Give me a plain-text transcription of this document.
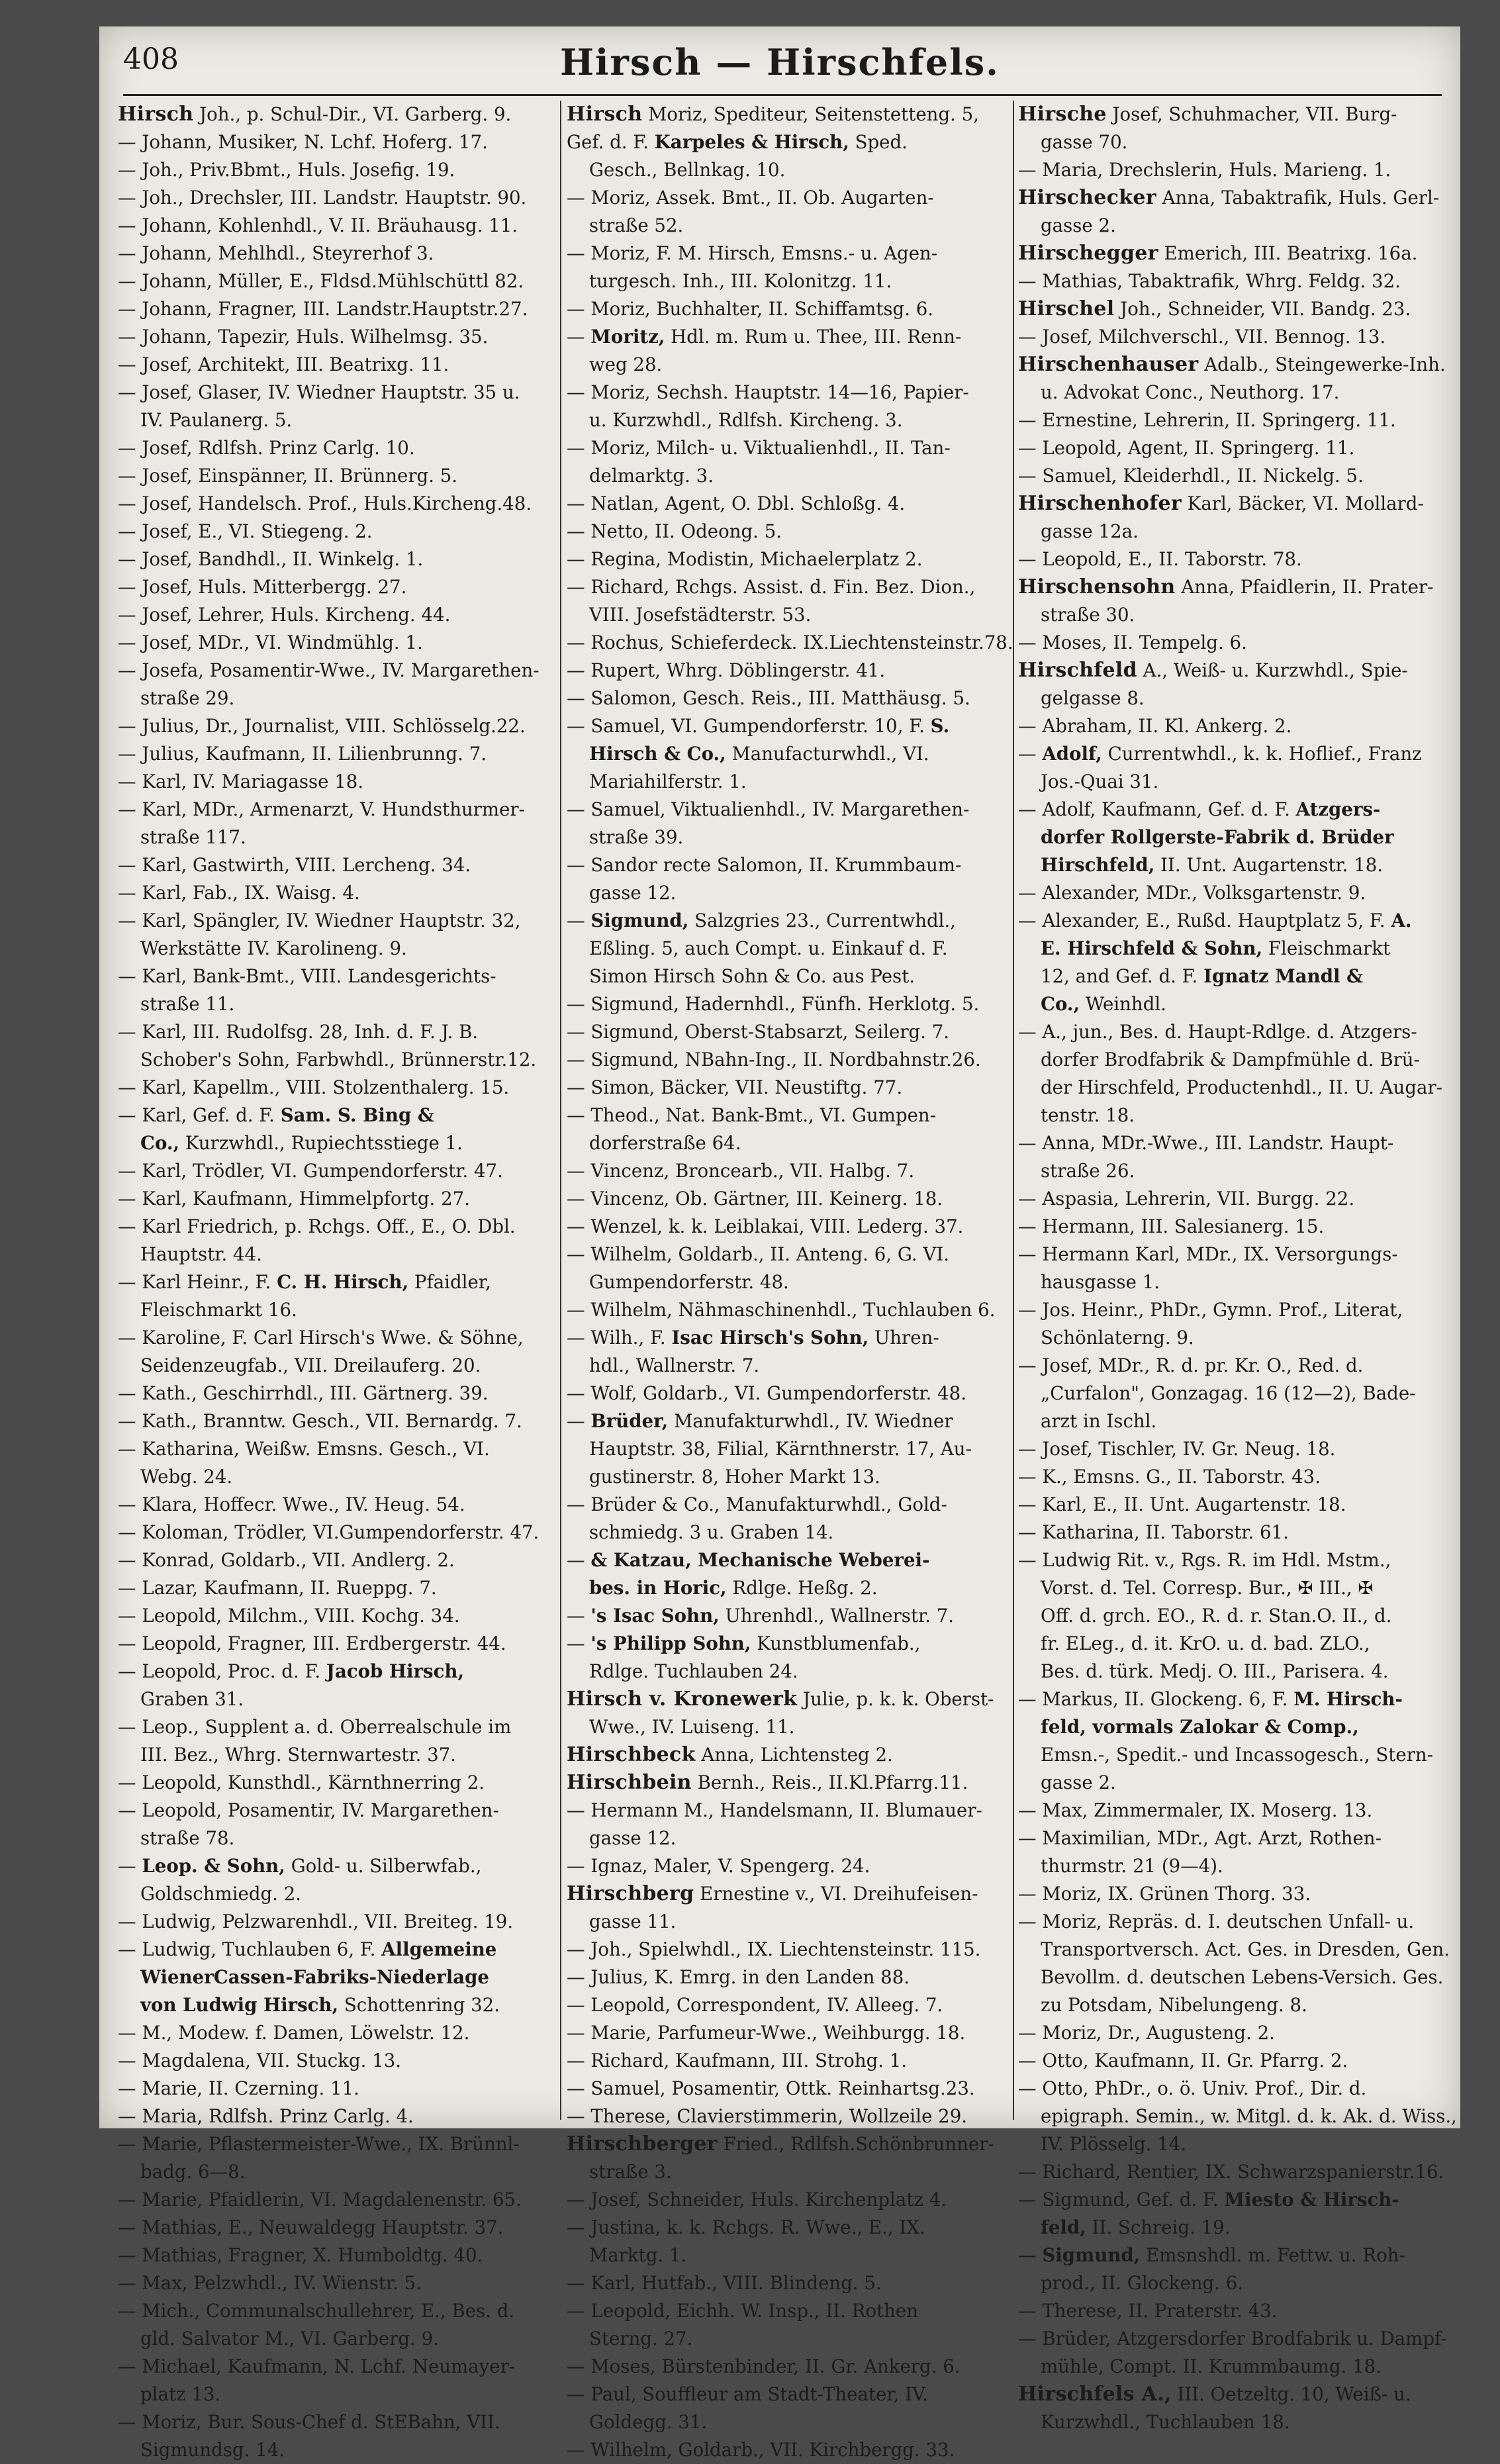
408	Hirsch — Hirschfels.
Hirsch Joh., p. Schul-Dir., VI. Garberg. 9.
— Johann, Musiker, N. Lchf. Hoferg. 17.
— Joh., Priv.Bbmt., Huls. Josefig. 19.
— Joh., Drechsler, III. Landstr. Hauptstr. 90.
— Johann, Kohlenhdl., V. II. Bräuhausg. 11.
— Johann, Mehlhdl., Steyrerhof 3.
— Johann, Müller, E., Fldsd.Mühlschüttl 82.
— Johann, Fragner, III. Landstr.Hauptstr.27.
— Johann, Tapezir, Huls. Wilhelmsg. 35.
— Josef, Architekt, III. Beatrixg. 11.
— Josef, Glaser, IV. Wiedner Hauptstr. 35 u.
IV. Paulanerg. 5.
— Josef, Rdlfsh. Prinz Carlg. 10.
— Josef, Einspänner, II. Brünnerg. 5.
— Josef, Handelsch. Prof., Huls.Kircheng.48.
— Josef, E., VI. Stiegeng. 2.
— Josef, Bandhdl., II. Winkelg. 1.
— Josef, Huls. Mitterbergg. 27.
— Josef, Lehrer, Huls. Kircheng. 44.
— Josef, MDr., VI. Windmühlg. 1.
— Josefa, Posamentir-Wwe., IV. Margarethen-
straße 29.
— Julius, Dr., Journalist, VIII. Schlösselg.22.
— Julius, Kaufmann, II. Lilienbrunng. 7.
— Karl, IV. Mariagasse 18.
— Karl, MDr., Armenarzt, V. Hundsthurmer-
straße 117.
— Karl, Gastwirth, VIII. Lercheng. 34.
— Karl, Fab., IX. Waisg. 4.
— Karl, Spängler, IV. Wiedner Hauptstr. 32,
Werkstätte IV. Karolineng. 9.
— Karl, Bank-Bmt., VIII. Landesgerichts-
straße 11.
— Karl, III. Rudolfsg. 28, Inh. d. F. J. B.
Schober's Sohn, Farbwhdl., Brünnerstr.12.
— Karl, Kapellm., VIII. Stolzenthalerg. 15.
— Karl, Gef. d. F. Sam. S. Bing &
Co., Kurzwhdl., Rupiechtsstiege 1.
— Karl, Trödler, VI. Gumpendorferstr. 47.
— Karl, Kaufmann, Himmelpfortg. 27.
— Karl Friedrich, p. Rchgs. Off., E., O. Dbl.
Hauptstr. 44.
— Karl Heinr., F. C. H. Hirsch, Pfaidler,
Fleischmarkt 16.
— Karoline, F. Carl Hirsch's Wwe. & Söhne,
Seidenzeugfab., VII. Dreilauferg. 20.
— Kath., Geschirrhdl., III. Gärtnerg. 39.
— Kath., Branntw. Gesch., VII. Bernardg. 7.
— Katharina, Weißw. Emsns. Gesch., VI.
Webg. 24.
— Klara, Hoffecr. Wwe., IV. Heug. 54.
— Koloman, Trödler, VI.Gumpendorferstr. 47.
— Konrad, Goldarb., VII. Andlerg. 2.
— Lazar, Kaufmann, II. Rueppg. 7.
— Leopold, Milchm., VIII. Kochg. 34.
— Leopold, Fragner, III. Erdbergerstr. 44.
— Leopold, Proc. d. F. Jacob Hirsch,
Graben 31.
— Leop., Supplent a. d. Oberrealschule im
III. Bez., Whrg. Sternwartestr. 37.
— Leopold, Kunsthdl., Kärnthnerring 2.
— Leopold, Posamentir, IV. Margarethen-
straße 78.
— Leop. & Sohn, Gold- u. Silberwfab.,
Goldschmiedg. 2.
— Ludwig, Pelzwarenhdl., VII. Breiteg. 19.
— Ludwig, Tuchlauben 6, F. Allgemeine
WienerCassen-Fabriks-Niederlage
von Ludwig Hirsch, Schottenring 32.
— M., Modew. f. Damen, Löwelstr. 12.
— Magdalena, VII. Stuckg. 13.
— Marie, II. Czerning. 11.
— Maria, Rdlfsh. Prinz Carlg. 4.
— Marie, Pflastermeister-Wwe., IX. Brünnl-
badg. 6—8.
— Marie, Pfaidlerin, VI. Magdalenenstr. 65.
— Mathias, E., Neuwaldegg Hauptstr. 37.
— Mathias, Fragner, X. Humboldtg. 40.
— Max, Pelzwhdl., IV. Wienstr. 5.
— Mich., Communalschullehrer, E., Bes. d.
gld. Salvator M., VI. Garberg. 9.
— Michael, Kaufmann, N. Lchf. Neumayer-
platz 13.
— Moriz, Bur. Sous-Chef d. StEBahn, VII.
Sigmundsg. 14.
Hirsch Moriz, Spediteur, Seitenstetteng. 5,
Gef. d. F. Karpeles & Hirsch, Sped.
Gesch., Bellnkag. 10.
— Moriz, Assek. Bmt., II. Ob. Augarten-
straße 52.
— Moriz, F. M. Hirsch, Emsns.- u. Agen-
turgesch. Inh., III. Kolonitzg. 11.
— Moriz, Buchhalter, II. Schiffamtsg. 6.
— Moritz, Hdl. m. Rum u. Thee, III. Renn-
weg 28.
— Moriz, Sechsh. Hauptstr. 14—16, Papier-
u. Kurzwhdl., Rdlfsh. Kircheng. 3.
— Moriz, Milch- u. Viktualienhdl., II. Tan-
delmarktg. 3.
— Natlan, Agent, O. Dbl. Schloßg. 4.
— Netto, II. Odeong. 5.
— Regina, Modistin, Michaelerplatz 2.
— Richard, Rchgs. Assist. d. Fin. Bez. Dion.,
VIII. Josefstädterstr. 53.
— Rochus, Schieferdeck. IX.Liechtensteinstr.78.
— Rupert, Whrg. Döblingerstr. 41.
— Salomon, Gesch. Reis., III. Matthäusg. 5.
— Samuel, VI. Gumpendorferstr. 10, F. S.
Hirsch & Co., Manufacturwhdl., VI.
Mariahilferstr. 1.
— Samuel, Viktualienhdl., IV. Margarethen-
straße 39.
— Sandor recte Salomon, II. Krummbaum-
gasse 12.
— Sigmund, Salzgries 23., Currentwhdl.,
Eßling. 5, auch Compt. u. Einkauf d. F.
Simon Hirsch Sohn & Co. aus Pest.
— Sigmund, Hadernhdl., Fünfh. Herklotg. 5.
— Sigmund, Oberst-Stabsarzt, Seilerg. 7.
— Sigmund, NBahn-Ing., II. Nordbahnstr.26.
— Simon, Bäcker, VII. Neustiftg. 77.
— Theod., Nat. Bank-Bmt., VI. Gumpen-
dorferstraße 64.
— Vincenz, Broncearb., VII. Halbg. 7.
— Vincenz, Ob. Gärtner, III. Keinerg. 18.
— Wenzel, k. k. Leiblakai, VIII. Lederg. 37.
— Wilhelm, Goldarb., II. Anteng. 6, G. VI.
Gumpendorferstr. 48.
— Wilhelm, Nähmaschinenhdl., Tuchlauben 6.
— Wilh., F. Isac Hirsch's Sohn, Uhren-
hdl., Wallnerstr. 7.
— Wolf, Goldarb., VI. Gumpendorferstr. 48.
— Brüder, Manufakturwhdl., IV. Wiedner
Hauptstr. 38, Filial, Kärnthnerstr. 17, Au-
gustinerstr. 8, Hoher Markt 13.
— Brüder & Co., Manufakturwhdl., Gold-
schmiedg. 3 u. Graben 14.
— & Katzau, Mechanische Weberei-
bes. in Horic, Rdlge. Heßg. 2.
— 's Isac Sohn, Uhrenhdl., Wallnerstr. 7.
— 's Philipp Sohn, Kunstblumenfab.,
Rdlge. Tuchlauben 24.
Hirsch v. Kronewerk Julie, p. k. k. Oberst-
Wwe., IV. Luiseng. 11.
Hirschbeck Anna, Lichtensteg 2.
Hirschbein Bernh., Reis., II.Kl.Pfarrg.11.
— Hermann M., Handelsmann, II. Blumauer-
gasse 12.
— Ignaz, Maler, V. Spengerg. 24.
Hirschberg Ernestine v., VI. Dreihufeisen-
gasse 11.
— Joh., Spielwhdl., IX. Liechtensteinstr. 115.
— Julius, K. Emrg. in den Landen 88.
— Leopold, Correspondent, IV. Alleeg. 7.
— Marie, Parfumeur-Wwe., Weihburgg. 18.
— Richard, Kaufmann, III. Strohg. 1.
— Samuel, Posamentir, Ottk. Reinhartsg.23.
— Therese, Clavierstimmerin, Wollzeile 29.
Hirschberger Fried., Rdlfsh.Schönbrunner-
straße 3.
— Josef, Schneider, Huls. Kirchenplatz 4.
— Justina, k. k. Rchgs. R. Wwe., E., IX.
Marktg. 1.
— Karl, Hutfab., VIII. Blindeng. 5.
— Leopold, Eichh. W. Insp., II. Rothen
Sterng. 27.
— Moses, Bürstenbinder, II. Gr. Ankerg. 6.
— Paul, Souffleur am Stadt-Theater, IV.
Goldegg. 31.
— Wilhelm, Goldarb., VII. Kirchbergg. 33.
Hirsche Josef, Schuhmacher, VII. Burg-
gasse 70.
— Maria, Drechslerin, Huls. Marieng. 1.
Hirschecker Anna, Tabaktrafik, Huls. Gerl-
gasse 2.
Hirschegger Emerich, III. Beatrixg. 16a.
— Mathias, Tabaktrafik, Whrg. Feldg. 32.
Hirschel Joh., Schneider, VII. Bandg. 23.
— Josef, Milchverschl., VII. Bennog. 13.
Hirschenhauser Adalb., Steingewerke-Inh.
u. Advokat Conc., Neuthorg. 17.
— Ernestine, Lehrerin, II. Springerg. 11.
— Leopold, Agent, II. Springerg. 11.
— Samuel, Kleiderhdl., II. Nickelg. 5.
Hirschenhofer Karl, Bäcker, VI. Mollard-
gasse 12a.
— Leopold, E., II. Taborstr. 78.
Hirschensohn Anna, Pfaidlerin, II. Prater-
straße 30.
— Moses, II. Tempelg. 6.
Hirschfeld A., Weiß- u. Kurzwhdl., Spie-
gelgasse 8.
— Abraham, II. Kl. Ankerg. 2.
— Adolf, Currentwhdl., k. k. Hoflief., Franz
Jos.-Quai 31.
— Adolf, Kaufmann, Gef. d. F. Atzgers-
dorfer Rollgerste-Fabrik d. Brüder
Hirschfeld, II. Unt. Augartenstr. 18.
— Alexander, MDr., Volksgartenstr. 9.
— Alexander, E., Rußd. Hauptplatz 5, F. A.
E. Hirschfeld & Sohn, Fleischmarkt
12, and Gef. d. F. Ignatz Mandl &
Co., Weinhdl.
— A., jun., Bes. d. Haupt-Rdlge. d. Atzgers-
dorfer Brodfabrik & Dampfmühle d. Brü-
der Hirschfeld, Productenhdl., II. U. Augar-
tenstr. 18.
— Anna, MDr.-Wwe., III. Landstr. Haupt-
straße 26.
— Aspasia, Lehrerin, VII. Burgg. 22.
— Hermann, III. Salesianerg. 15.
— Hermann Karl, MDr., IX. Versorgungs-
hausgasse 1.
— Jos. Heinr., PhDr., Gymn. Prof., Literat,
Schönlaterng. 9.
— Josef, MDr., R. d. pr. Kr. O., Red. d.
„Curfalon", Gonzagag. 16 (12—2), Bade-
arzt in Ischl.
— Josef, Tischler, IV. Gr. Neug. 18.
— K., Emsns. G., II. Taborstr. 43.
— Karl, E., II. Unt. Augartenstr. 18.
— Katharina, II. Taborstr. 61.
— Ludwig Rit. v., Rgs. R. im Hdl. Mstm.,
Vorst. d. Tel. Corresp. Bur., ✠ III., ✠
Off. d. grch. EO., R. d. r. Stan.O. II., d.
fr. ELeg., d. it. KrO. u. d. bad. ZLO.,
Bes. d. türk. Medj. O. III., Parisera. 4.
— Markus, II. Glockeng. 6, F. M. Hirsch-
feld, vormals Zalokar & Comp.,
Emsn.-, Spedit.- und Incassogesch., Stern-
gasse 2.
— Max, Zimmermaler, IX. Moserg. 13.
— Maximilian, MDr., Agt. Arzt, Rothen-
thurmstr. 21 (9—4).
— Moriz, IX. Grünen Thorg. 33.
— Moriz, Repräs. d. I. deutschen Unfall- u.
Transportversch. Act. Ges. in Dresden, Gen.
Bevollm. d. deutschen Lebens-Versich. Ges.
zu Potsdam, Nibelungeng. 8.
— Moriz, Dr., Augusteng. 2.
— Otto, Kaufmann, II. Gr. Pfarrg. 2.
— Otto, PhDr., o. ö. Univ. Prof., Dir. d.
epigraph. Semin., w. Mitgl. d. k. Ak. d. Wiss.,
IV. Plösselg. 14.
— Richard, Rentier, IX. Schwarzspanierstr.16.
— Sigmund, Gef. d. F. Miesto & Hirsch-
feld, II. Schreig. 19.
— Sigmund, Emsnshdl. m. Fettw. u. Roh-
prod., II. Glockeng. 6.
— Therese, II. Praterstr. 43.
— Brüder, Atzgersdorfer Brodfabrik u. Dampf-
mühle, Compt. II. Krummbaumg. 18.
Hirschfels A., III. Oetzeltg. 10, Weiß- u.
Kurzwhdl., Tuchlauben 18.
